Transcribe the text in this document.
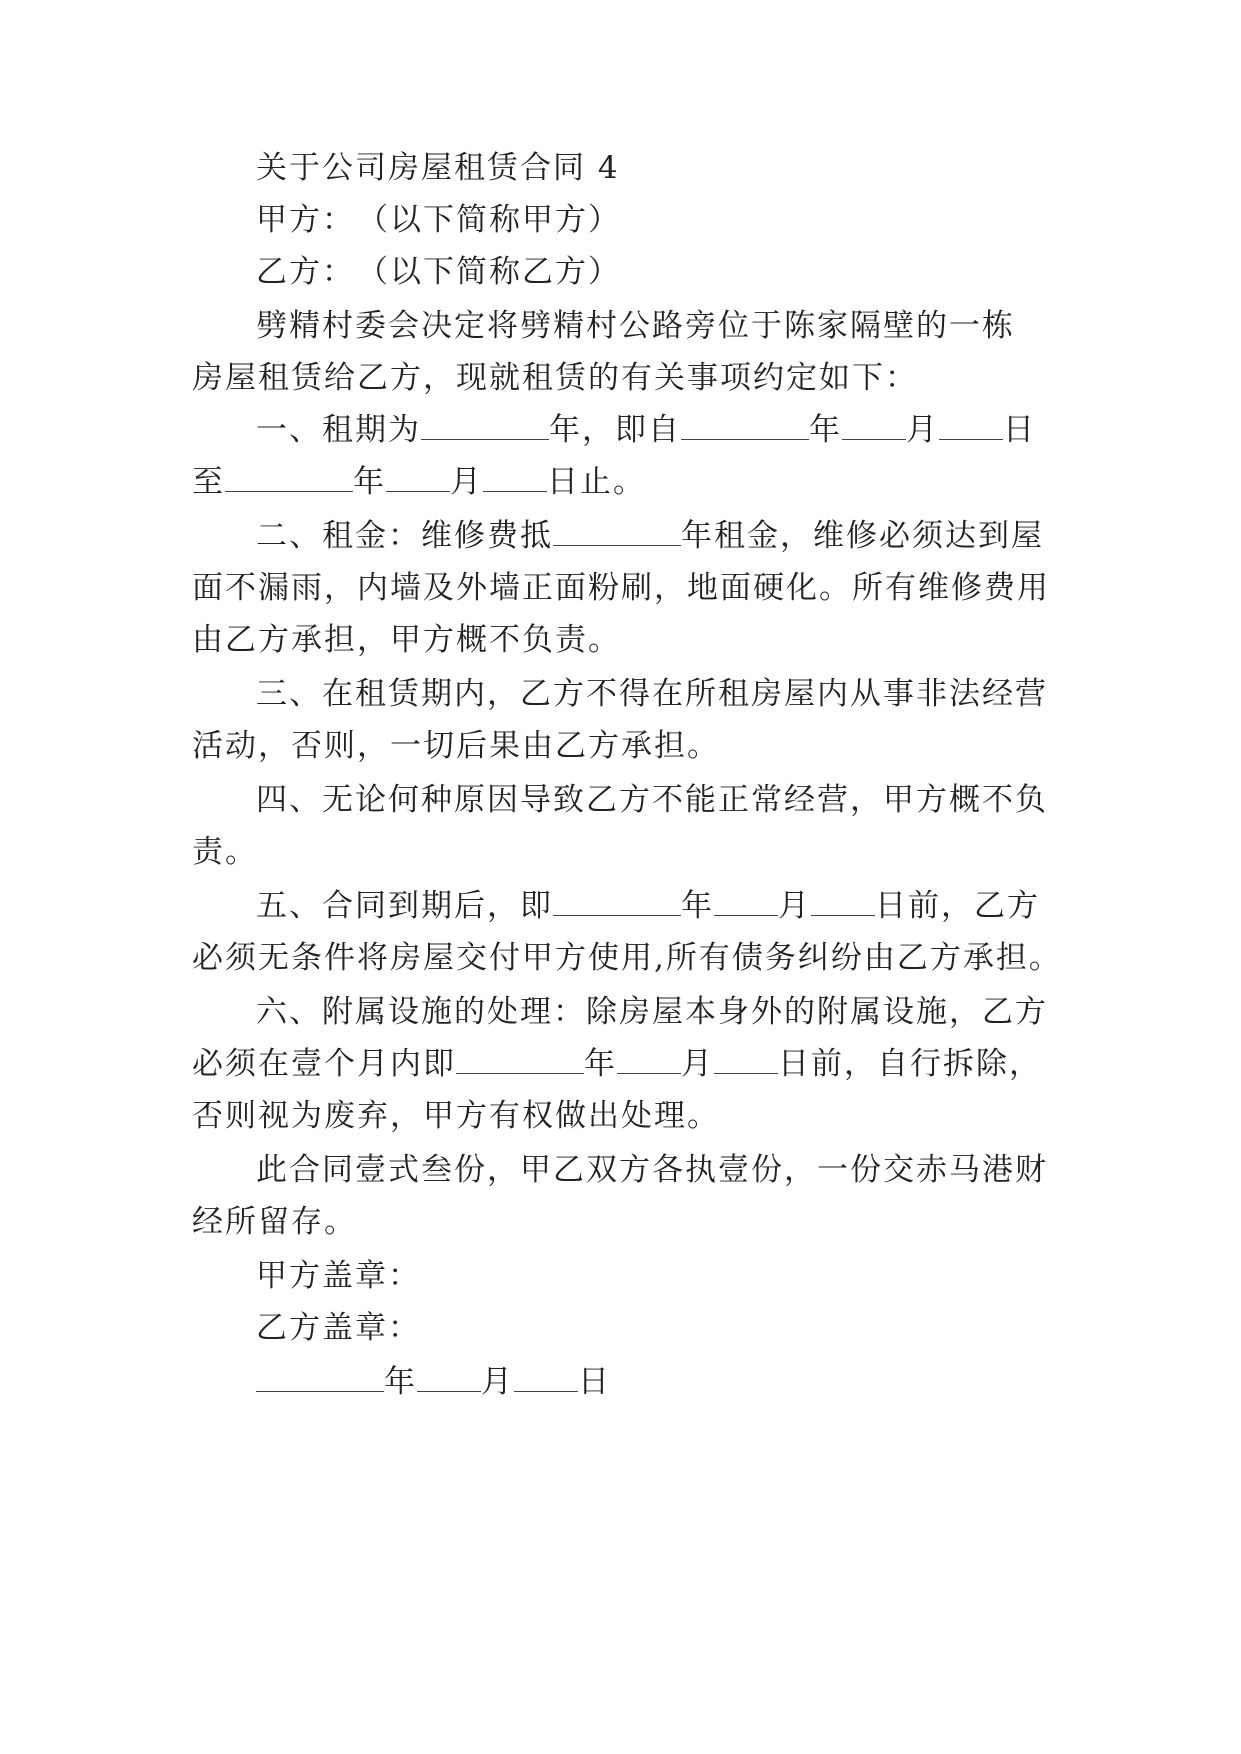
关于公司房屋租赁合同 4
甲方：　（以下简称甲方）
乙方：　（以下简称乙方）
劈精村委会决定将劈精村公路旁位于陈家隔壁的一栋
房屋租赁给乙方，现就租赁的有关事项约定如下：
一、租期为	年，即自	年 月 日
至	年 月 日止。
二、租金：维修费抵	年租金，维修必须达到屋
面不漏雨，内墙及外墙正面粉刷，地面硬化。所有维修费用
由乙方承担，甲方概不负责。
三、在租赁期内，乙方不得在所租房屋内从事非法经营
活动，否则，一切后果由乙方承担。
四、无论何种原因导致乙方不能正常经营，甲方概不负
责。
五、合同到期后，即	年 月 日前，乙方
必须无条件将房屋交付甲方使用,所有债务纠纷由乙方承担。
六、附属设施的处理：除房屋本身外的附属设施，乙方
必须在壹个月内即	年 月 日前，自行拆除，
否则视为废弃，甲方有权做出处理。
此合同壹式叁份，甲乙双方各执壹份，一份交赤马港财
经所留存。
甲方盖章：
乙方盖章：
年 月 日
